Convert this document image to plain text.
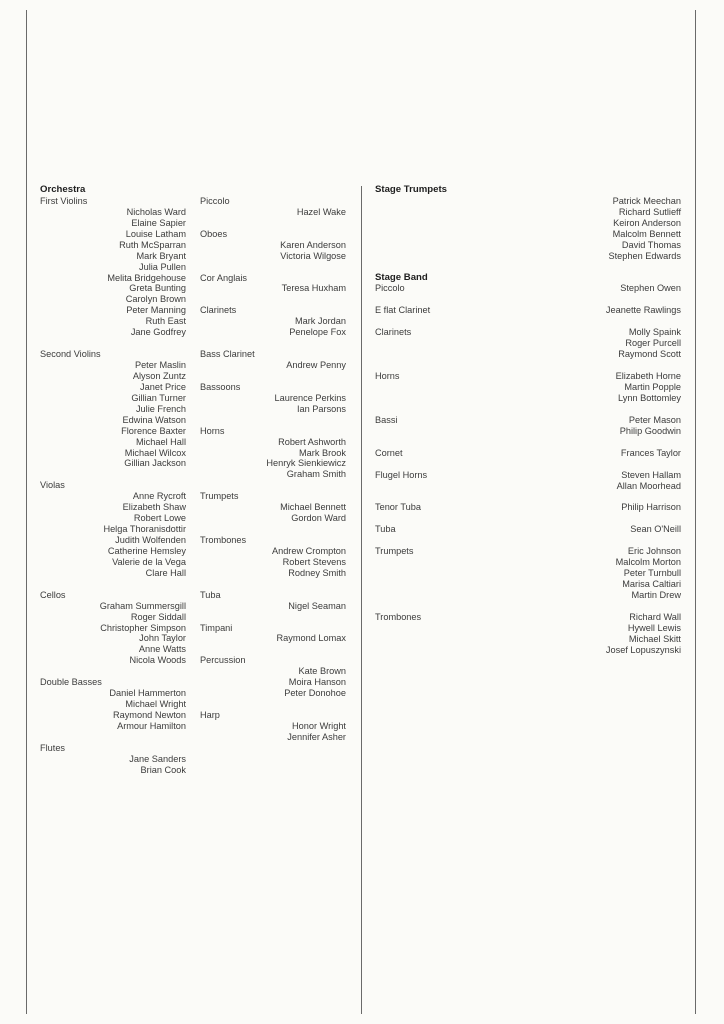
Orchestra
First Violins
Nicholas Ward
Elaine Sapier
Louise Latham
Ruth McSparran
Mark Bryant
Julia Pullen
Melita Bridgehouse
Greta Bunting
Carolyn Brown
Peter Manning
Ruth East
Jane Godfrey
Second Violins
Peter Maslin
Alyson Zuntz
Janet Price
Gillian Turner
Julie French
Edwina Watson
Florence Baxter
Michael Hall
Michael Wilcox
Gillian Jackson
Violas
Anne Rycroft
Elizabeth Shaw
Robert Lowe
Helga Thoranisdottir
Judith Wolfenden
Catherine Hemsley
Valerie de la Vega
Clare Hall
Cellos
Graham Summersgill
Roger Siddall
Christopher Simpson
John Taylor
Anne Watts
Nicola Woods
Double Basses
Daniel Hammerton
Michael Wright
Raymond Newton
Armour Hamilton
Flutes
Jane Sanders
Brian Cook
Piccolo
Hazel Wake
Oboes
Karen Anderson
Victoria Wilgose
Cor Anglais
Teresa Huxham
Clarinets
Mark Jordan
Penelope Fox
Bass Clarinet
Andrew Penny
Bassoons
Laurence Perkins
Ian Parsons
Horns
Robert Ashworth
Mark Brook
Henryk Sienkiewicz
Graham Smith
Trumpets
Michael Bennett
Gordon Ward
Trombones
Andrew Crompton
Robert Stevens
Rodney Smith
Tuba
Nigel Seaman
Timpani
Raymond Lomax
Percussion
Kate Brown
Moira Hanson
Peter Donohoe
Harp
Honor Wright
Jennifer Asher
Stage Trumpets
Patrick Meechan
Richard Sutlieff
Keiron Anderson
Malcolm Bennett
David Thomas
Stephen Edwards
Stage Band
Piccolo	Stephen Owen
E flat Clarinet	Jeanette Rawlings
Clarinets	Molly Spaink
Roger Purcell
Raymond Scott
Horns	Elizabeth Horne
Martin Popple
Lynn Bottomley
Bassi	Peter Mason
Philip Goodwin
Cornet	Frances Taylor
Flugel Horns	Steven Hallam
Allan Moorhead
Tenor Tuba	Philip Harrison
Tuba	Sean O'Neill
Trumpets	Eric Johnson
Malcolm Morton
Peter Turnbull
Marisa Caltiari
Martin Drew
Trombones	Richard Wall
Hywell Lewis
Michael Skitt
Josef Lopuszynski
